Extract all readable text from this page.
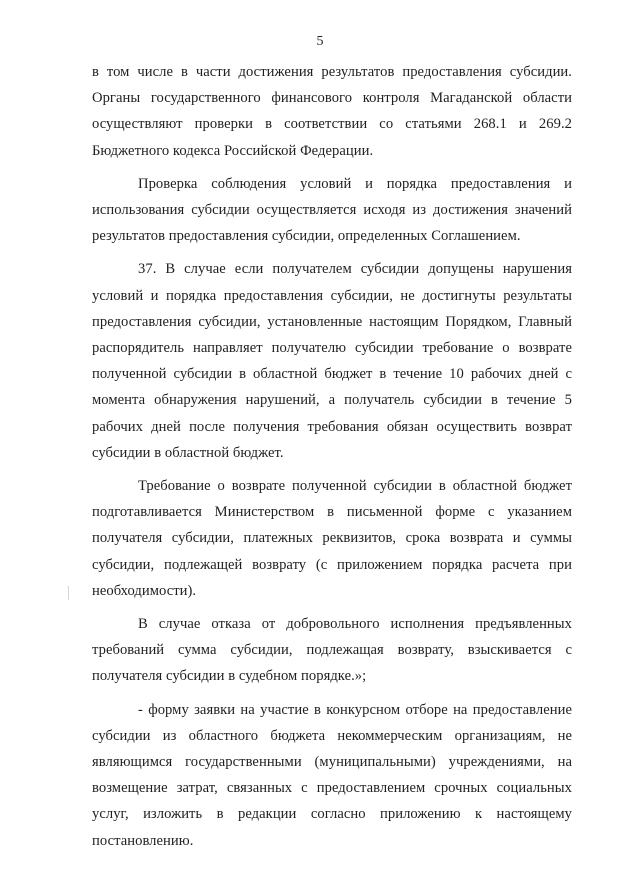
5

в том числе в части достижения результатов предоставления субсидии. Органы государственного финансового контроля Магаданской области осуществляют проверки в соответствии со статьями 268.1 и 269.2 Бюджетного кодекса Российской Федерации.

Проверка соблюдения условий и порядка предоставления и использования субсидии осуществляется исходя из достижения значений результатов предоставления субсидии, определенных Соглашением.

37. В случае если получателем субсидии допущены нарушения условий и порядка предоставления субсидии, не достигнуты результаты предоставления субсидии, установленные настоящим Порядком, Главный распорядитель направляет получателю субсидии требование о возврате полученной субсидии в областной бюджет в течение 10 рабочих дней с момента обнаружения нарушений, а получатель субсидии в течение 5 рабочих дней после получения требования обязан осуществить возврат субсидии в областной бюджет.

Требование о возврате полученной субсидии в областной бюджет подготавливается Министерством в письменной форме с указанием получателя субсидии, платежных реквизитов, срока возврата и суммы субсидии, подлежащей возврату (с приложением порядка расчета при необходимости).

В случае отказа от добровольного исполнения предъявленных требований сумма субсидии, подлежащая возврату, взыскивается с получателя субсидии в судебном порядке.»;

- форму заявки на участие в конкурсном отборе на предоставление субсидии из областного бюджета некоммерческим организациям, не являющимся государственными (муниципальными) учреждениями, на возмещение затрат, связанных с предоставлением срочных социальных услуг, изложить в редакции согласно приложению к настоящему постановлению.
